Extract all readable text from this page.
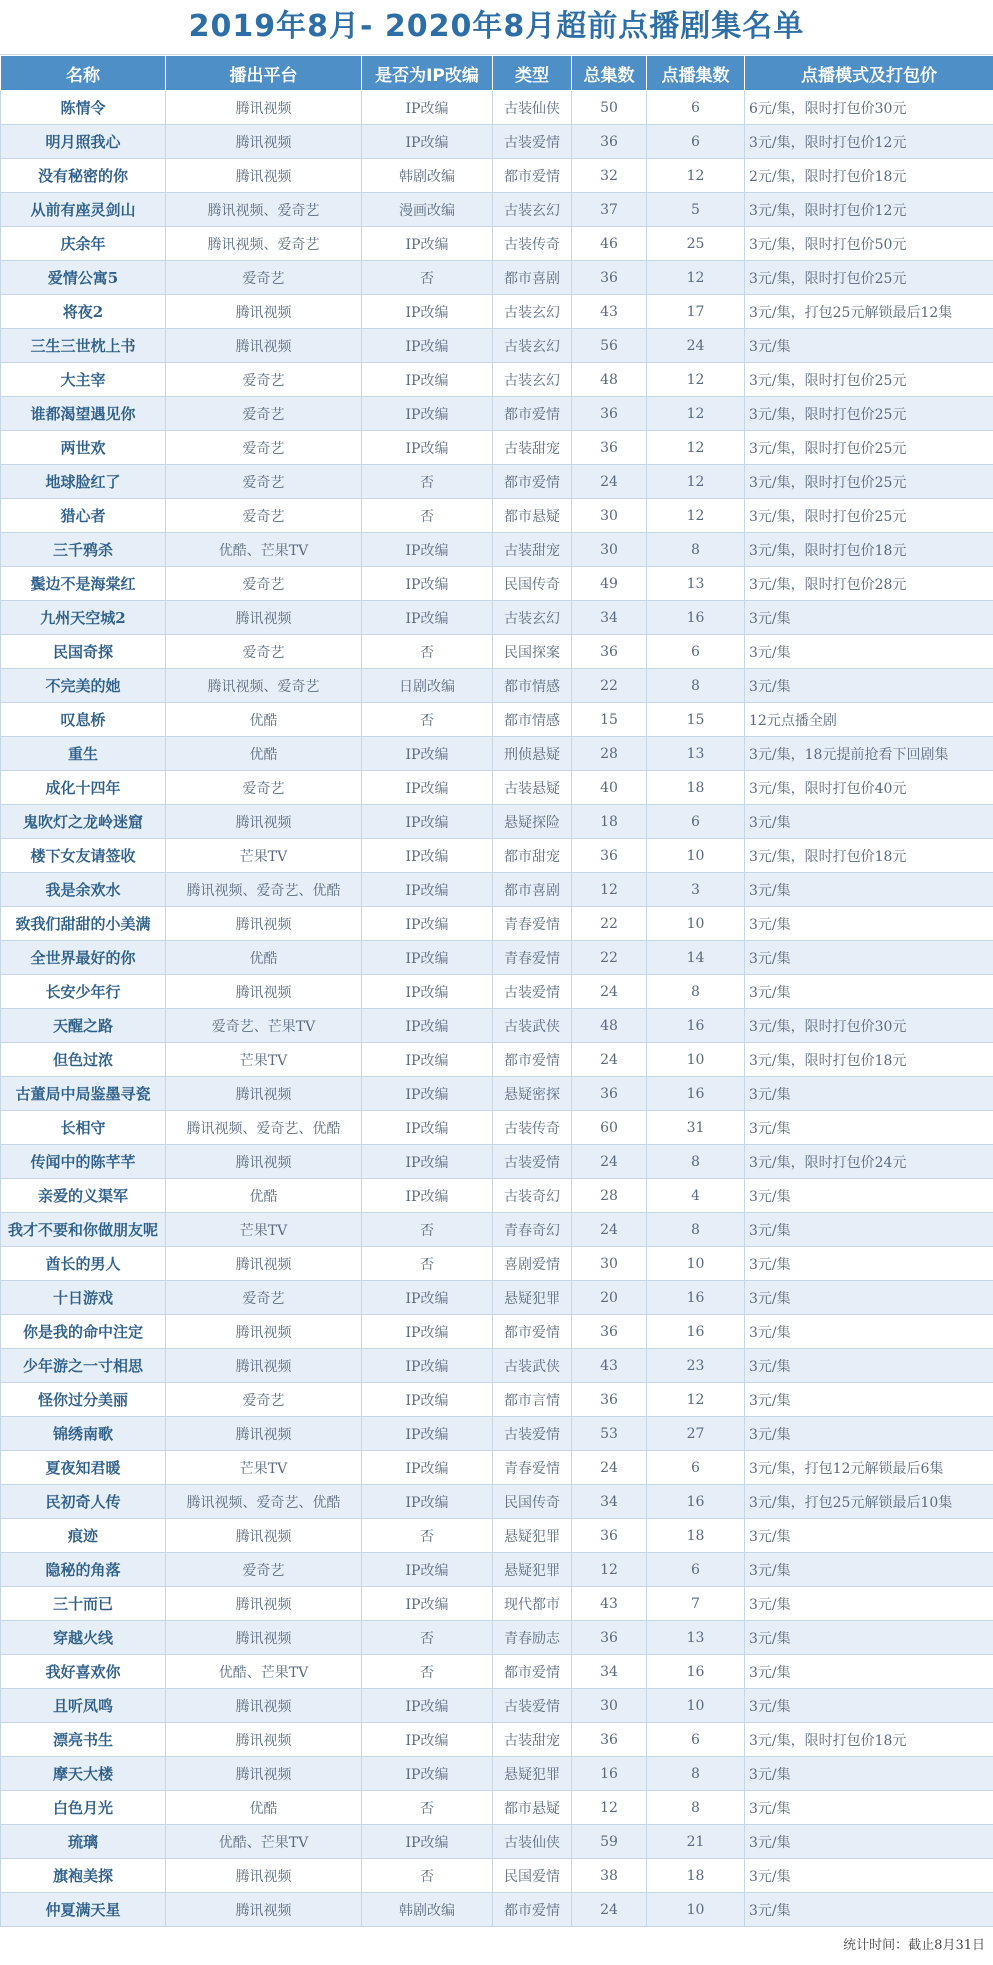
2019年8月- 2020年8月超前点播剧集名单
名称	播出平台	是否为IP改编	类型	总集数	点播集数	点播模式及打包价
陈情令	腾讯视频	IP改编	古装仙侠	50	6	6元/集，限时打包价30元
明月照我心	腾讯视频	IP改编	古装爱情	36	6	3元/集，限时打包价12元
没有秘密的你	腾讯视频	韩剧改编	都市爱情	32	12	2元/集，限时打包价18元
从前有座灵剑山	腾讯视频、爱奇艺	漫画改编	古装玄幻	37	5	3元/集，限时打包价12元
庆余年	腾讯视频、爱奇艺	IP改编	古装传奇	46	25	3元/集，限时打包价50元
爱情公寓5	爱奇艺	否	都市喜剧	36	12	3元/集，限时打包价25元
将夜2	腾讯视频	IP改编	古装玄幻	43	17	3元/集，打包25元解锁最后12集
三生三世枕上书	腾讯视频	IP改编	古装玄幻	56	24	3元/集
大主宰	爱奇艺	IP改编	古装玄幻	48	12	3元/集，限时打包价25元
谁都渴望遇见你	爱奇艺	IP改编	都市爱情	36	12	3元/集，限时打包价25元
两世欢	爱奇艺	IP改编	古装甜宠	36	12	3元/集，限时打包价25元
地球脸红了	爱奇艺	否	都市爱情	24	12	3元/集，限时打包价25元
猎心者	爱奇艺	否	都市悬疑	30	12	3元/集，限时打包价25元
三千鸦杀	优酷、芒果TV	IP改编	古装甜宠	30	8	3元/集，限时打包价18元
鬓边不是海棠红	爱奇艺	IP改编	民国传奇	49	13	3元/集，限时打包价28元
九州天空城2	腾讯视频	IP改编	古装玄幻	34	16	3元/集
民国奇探	爱奇艺	否	民国探案	36	6	3元/集
不完美的她	腾讯视频、爱奇艺	日剧改编	都市情感	22	8	3元/集
叹息桥	优酷	否	都市情感	15	15	12元点播全剧
重生	优酷	IP改编	刑侦悬疑	28	13	3元/集，18元提前抢看下回剧集
成化十四年	爱奇艺	IP改编	古装悬疑	40	18	3元/集，限时打包价40元
鬼吹灯之龙岭迷窟	腾讯视频	IP改编	悬疑探险	18	6	3元/集
楼下女友请签收	芒果TV	IP改编	都市甜宠	36	10	3元/集，限时打包价18元
我是余欢水	腾讯视频、爱奇艺、优酷	IP改编	都市喜剧	12	3	3元/集
致我们甜甜的小美满	腾讯视频	IP改编	青春爱情	22	10	3元/集
全世界最好的你	优酷	IP改编	青春爱情	22	14	3元/集
长安少年行	腾讯视频	IP改编	古装爱情	24	8	3元/集
天醒之路	爱奇艺、芒果TV	IP改编	古装武侠	48	16	3元/集，限时打包价30元
但色过浓	芒果TV	IP改编	都市爱情	24	10	3元/集，限时打包价18元
古董局中局鉴墨寻瓷	腾讯视频	IP改编	悬疑密探	36	16	3元/集
长相守	腾讯视频、爱奇艺、优酷	IP改编	古装传奇	60	31	3元/集
传闻中的陈芊芊	腾讯视频	IP改编	古装爱情	24	8	3元/集，限时打包价24元
亲爱的义渠军	优酷	IP改编	古装奇幻	28	4	3元/集
我才不要和你做朋友呢	芒果TV	否	青春奇幻	24	8	3元/集
酋长的男人	腾讯视频	否	喜剧爱情	30	10	3元/集
十日游戏	爱奇艺	IP改编	悬疑犯罪	20	16	3元/集
你是我的命中注定	腾讯视频	IP改编	都市爱情	36	16	3元/集
少年游之一寸相思	腾讯视频	IP改编	古装武侠	43	23	3元/集
怪你过分美丽	爱奇艺	IP改编	都市言情	36	12	3元/集
锦绣南歌	腾讯视频	IP改编	古装爱情	53	27	3元/集
夏夜知君暖	芒果TV	IP改编	青春爱情	24	6	3元/集，打包12元解锁最后6集
民初奇人传	腾讯视频、爱奇艺、优酷	IP改编	民国传奇	34	16	3元/集，打包25元解锁最后10集
痕迹	腾讯视频	否	悬疑犯罪	36	18	3元/集
隐秘的角落	爱奇艺	IP改编	悬疑犯罪	12	6	3元/集
三十而已	腾讯视频	IP改编	现代都市	43	7	3元/集
穿越火线	腾讯视频	否	青春励志	36	13	3元/集
我好喜欢你	优酷、芒果TV	否	都市爱情	34	16	3元/集
且听凤鸣	腾讯视频	IP改编	古装爱情	30	10	3元/集
漂亮书生	腾讯视频	IP改编	古装甜宠	36	6	3元/集，限时打包价18元
摩天大楼	腾讯视频	IP改编	悬疑犯罪	16	8	3元/集
白色月光	优酷	否	都市悬疑	12	8	3元/集
琉璃	优酷、芒果TV	IP改编	古装仙侠	59	21	3元/集
旗袍美探	腾讯视频	否	民国爱情	38	18	3元/集
仲夏满天星	腾讯视频	韩剧改编	都市爱情	24	10	3元/集
统计时间：截止8月31日
